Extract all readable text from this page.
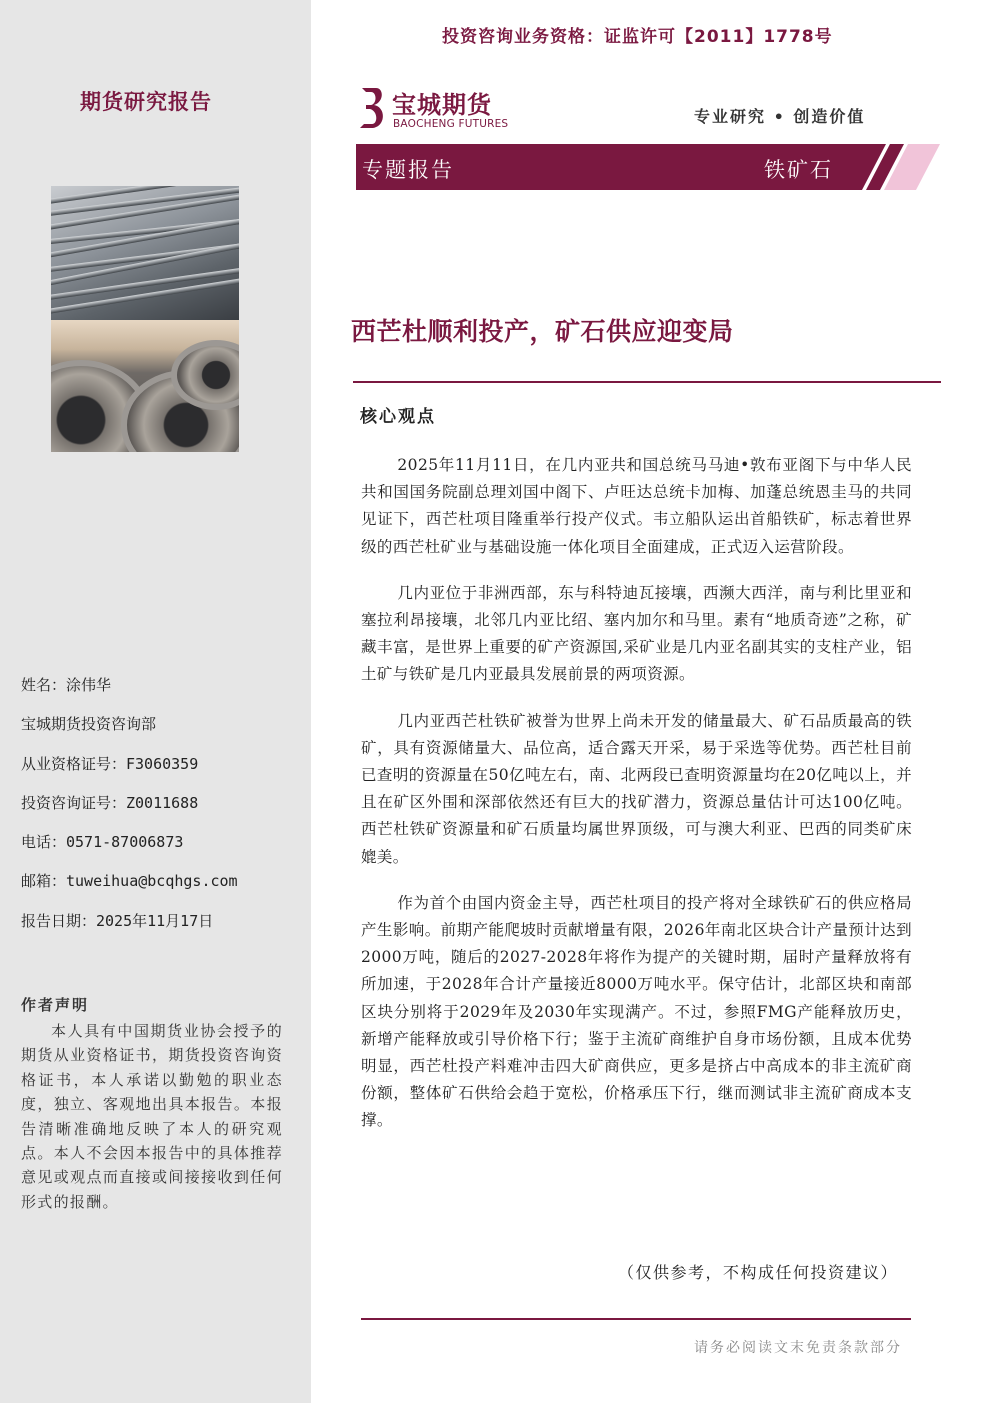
期货研究报告
姓名：涂伟华
宝城期货投资咨询部
从业资格证号：F3060359
投资咨询证号：Z0011688
电话：0571-87006873
邮箱：tuweihua@bcqhgs.com
报告日期：2025年11月17日
作者声明
本人具有中国期货业协会授予的期货从业资格证书，期货投资咨询资格证书，本人承诺以勤勉的职业态度，独立、客观地出具本报告。本报告清晰准确地反映了本人的研究观点。本人不会因本报告中的具体推荐意见或观点而直接或间接接收到任何形式的报酬。
投资咨询业务资格：证监许可【2011】1778号
宝城期货
BAOCHENG FUTURES	专业研究 • 创造价值
专题报告	铁矿石
西芒杜顺利投产，矿石供应迎变局
核心观点

2025年11月11日，在几内亚共和国总统马马迪•敦布亚阁下与中华人民共和国国务院副总理刘国中阁下、卢旺达总统卡加梅、加蓬总统恩圭马的共同见证下，西芒杜项目隆重举行投产仪式。韦立船队运出首船铁矿，标志着世界级的西芒杜矿业与基础设施一体化项目全面建成，正式迈入运营阶段。

几内亚位于非洲西部，东与科特迪瓦接壤，西濒大西洋，南与利比里亚和塞拉利昂接壤，北邻几内亚比绍、塞内加尔和马里。素有“地质奇迹”之称，矿藏丰富，是世界上重要的矿产资源国,采矿业是几内亚名副其实的支柱产业，铝土矿与铁矿是几内亚最具发展前景的两项资源。

几内亚西芒杜铁矿被誉为世界上尚未开发的储量最大、矿石品质最高的铁矿，具有资源储量大、品位高，适合露天开采，易于采选等优势。西芒杜目前已查明的资源量在50亿吨左右，南、北两段已查明资源量均在20亿吨以上，并且在矿区外围和深部依然还有巨大的找矿潜力，资源总量估计可达100亿吨。西芒杜铁矿资源量和矿石质量均属世界顶级，可与澳大利亚、巴西的同类矿床媲美。

作为首个由国内资金主导，西芒杜项目的投产将对全球铁矿石的供应格局产生影响。前期产能爬坡时贡献增量有限，2026年南北区块合计产量预计达到2000万吨，随后的2027-2028年将作为提产的关键时期，届时产量释放将有所加速，于2028年合计产量接近8000万吨水平。保守估计，北部区块和南部区块分别将于2029年及2030年实现满产。不过，参照FMG产能释放历史，新增产能释放或引导价格下行；鉴于主流矿商维护自身市场份额，且成本优势明显，西芒杜投产料难冲击四大矿商供应，更多是挤占中高成本的非主流矿商份额，整体矿石供给会趋于宽松，价格承压下行，继而测试非主流矿商成本支撑。

（仅供参考，不构成任何投资建议）
请务必阅读文末免责条款部分
